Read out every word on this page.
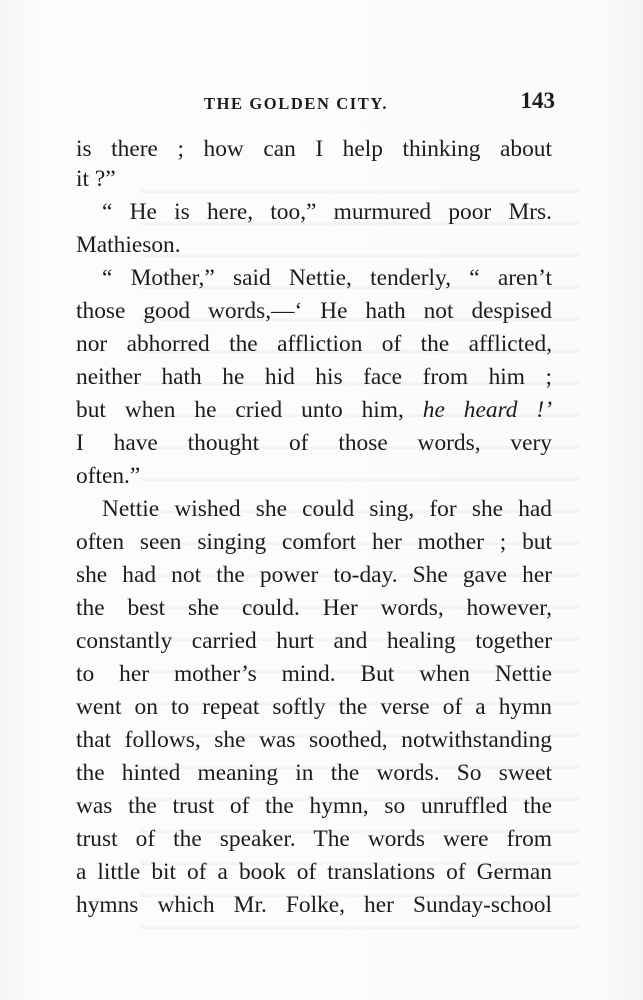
THE GOLDEN CITY.	143
is there ; how can I help thinking about
it ?”
“ He is here, too,” murmured poor Mrs.
Mathieson.
“ Mother,” said Nettie, tenderly, “ aren’t
those good words,—‘ He hath not despised
nor abhorred the affliction of the afflicted,
neither hath he hid his face from him ;
but when he cried unto him, he heard !’
I have thought of those words, very
often.”
Nettie wished she could sing, for she had
often seen singing comfort her mother ; but
she had not the power to-day. She gave her
the best she could. Her words, however,
constantly carried hurt and healing together
to her mother’s mind. But when Nettie
went on to repeat softly the verse of a hymn
that follows, she was soothed, notwithstanding
the hinted meaning in the words. So sweet
was the trust of the hymn, so unruffled the
trust of the speaker. The words were from
a little bit of a book of translations of German
hymns which Mr. Folke, her Sunday-school
